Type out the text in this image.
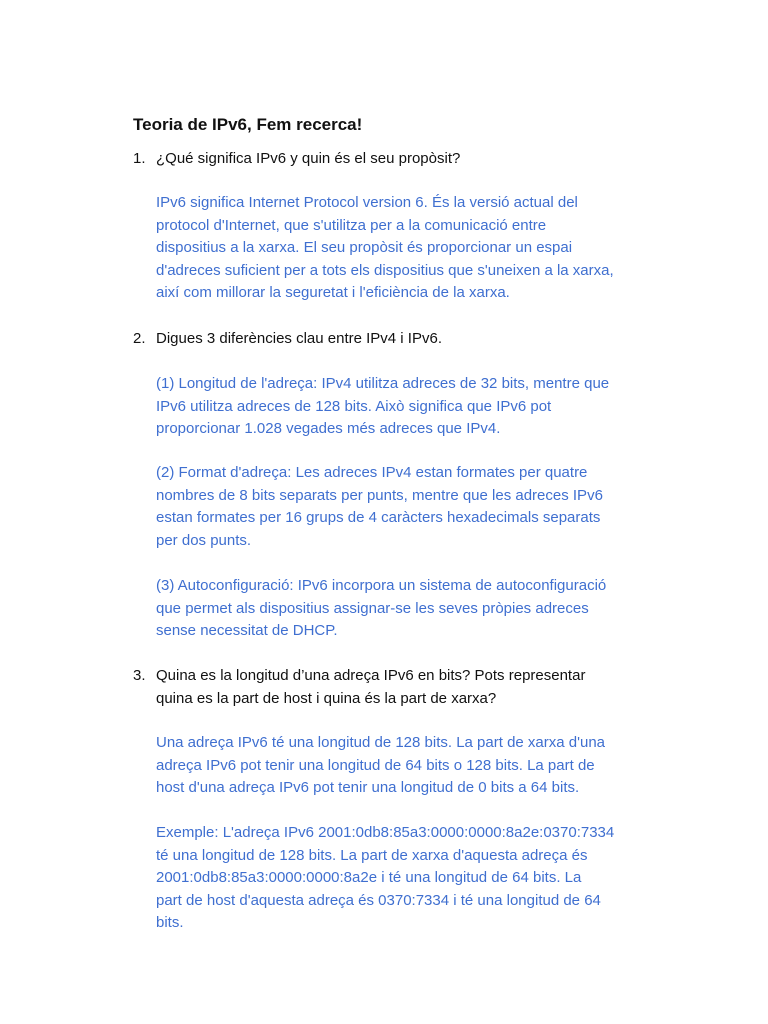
Teoria de IPv6, Fem recerca!
1. ¿Qué significa IPv6 y quin és el seu propòsit?
IPv6 significa Internet Protocol version 6. És la versió actual del
protocol d'Internet, que s'utilitza per a la comunicació entre
dispositius a la xarxa. El seu propòsit és proporcionar un espai
d'adreces suficient per a tots els dispositius que s'uneixen a la xarxa,
així com millorar la seguretat i l'eficiència de la xarxa.
2. Digues 3 diferències clau entre IPv4 i IPv6.
(1) Longitud de l'adreça: IPv4 utilitza adreces de 32 bits, mentre que
IPv6 utilitza adreces de 128 bits. Això significa que IPv6 pot
proporcionar 1.028 vegades més adreces que IPv4.
(2) Format d'adreça: Les adreces IPv4 estan formates per quatre
nombres de 8 bits separats per punts, mentre que les adreces IPv6
estan formates per 16 grups de 4 caràcters hexadecimals separats
per dos punts.
(3) Autoconfiguració: IPv6 incorpora un sistema de autoconfiguració
que permet als dispositius assignar-se les seves pròpies adreces
sense necessitat de DHCP.
3. Quina es la longitud d’una adreça IPv6 en bits? Pots representar
quina es la part de host i quina és la part de xarxa?
Una adreça IPv6 té una longitud de 128 bits. La part de xarxa d'una
adreça IPv6 pot tenir una longitud de 64 bits o 128 bits. La part de
host d'una adreça IPv6 pot tenir una longitud de 0 bits a 64 bits.
Exemple: L'adreça IPv6 2001:0db8:85a3:0000:0000:8a2e:0370:7334
té una longitud de 128 bits. La part de xarxa d'aquesta adreça és
2001:0db8:85a3:0000:0000:8a2e i té una longitud de 64 bits. La
part de host d'aquesta adreça és 0370:7334 i té una longitud de 64
bits.
